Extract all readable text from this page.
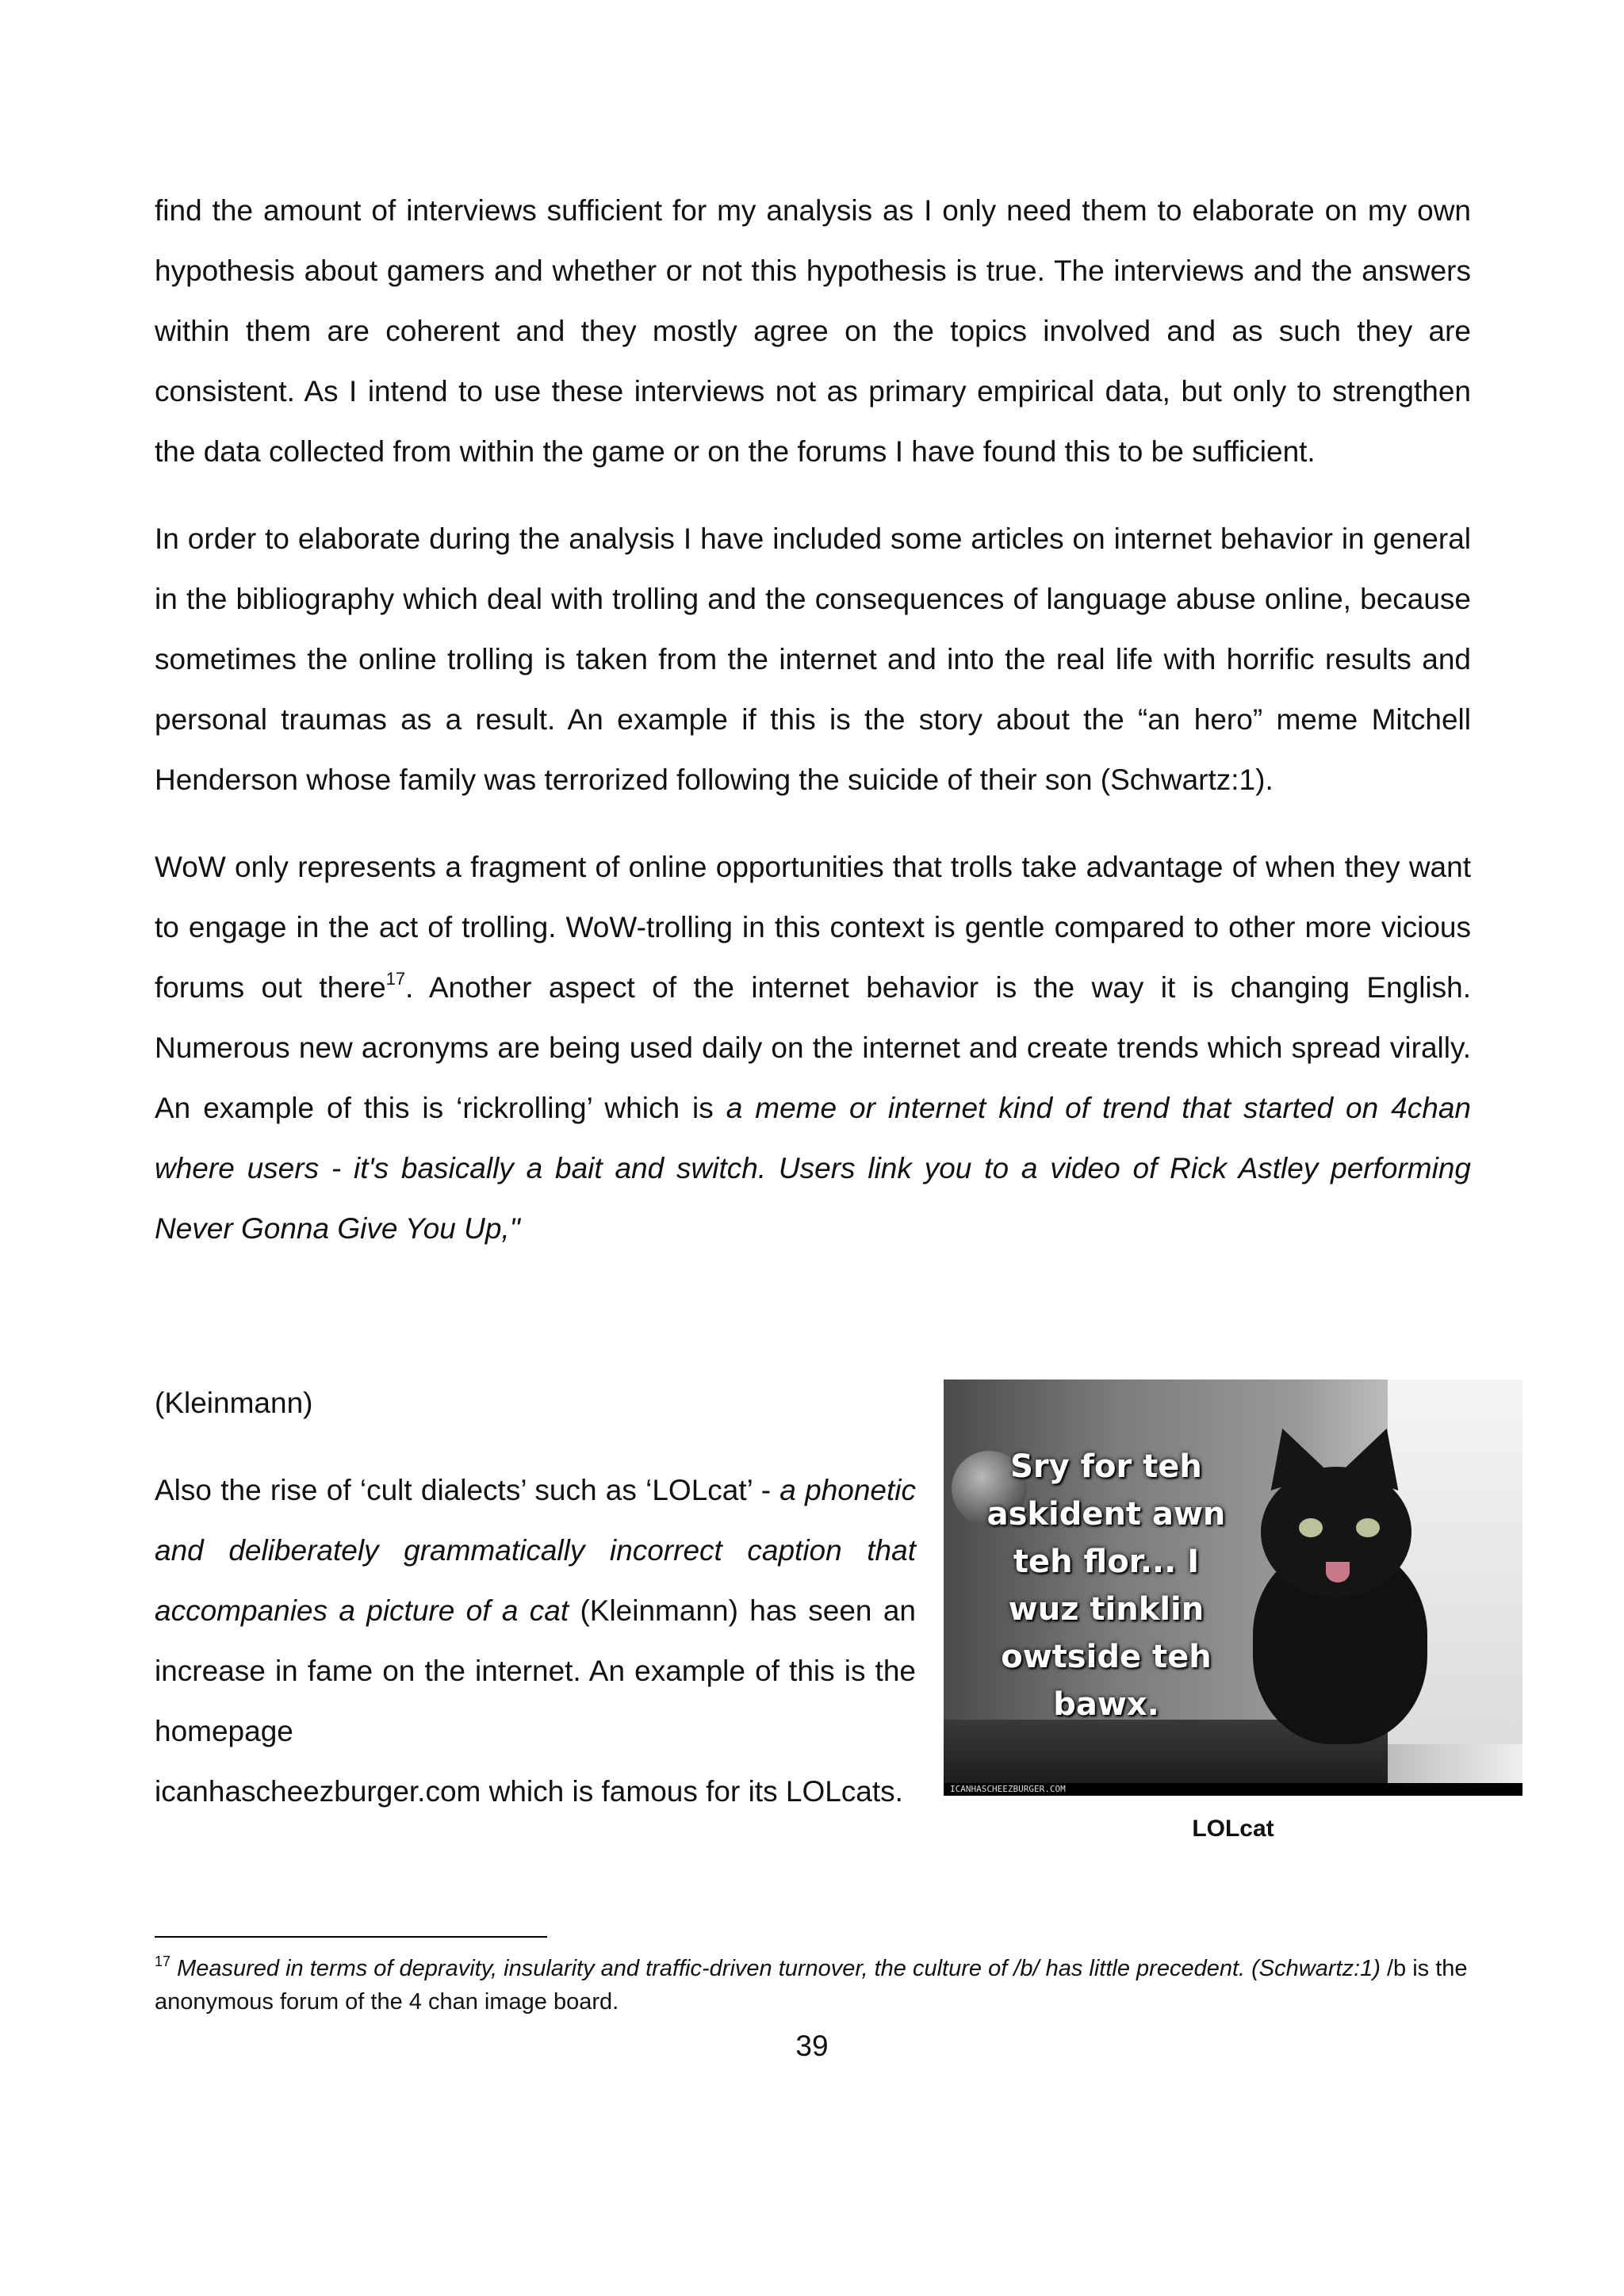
find the amount of interviews sufficient for my analysis as I only need them to elaborate on my own hypothesis about gamers and whether or not this hypothesis is true. The interviews and the answers within them are coherent and they mostly agree on the topics involved and as such they are consistent. As I intend to use these interviews not as primary empirical data, but only to strengthen the data collected from within the game or on the forums I have found this to be sufficient.

In order to elaborate during the analysis I have included some articles on internet behavior in general in the bibliography which deal with trolling and the consequences of language abuse online, because sometimes the online trolling is taken from the internet and into the real life with horrific results and personal traumas as a result. An example if this is the story about the “an hero” meme Mitchell Henderson whose family was terrorized following the suicide of their son (Schwartz:1).

WoW only represents a fragment of online opportunities that trolls take advantage of when they want to engage in the act of trolling. WoW-trolling in this context is gentle compared to other more vicious forums out there$^{17}$. Another aspect of the internet behavior is the way it is changing English. Numerous new acronyms are being used daily on the internet and create trends which spread virally. An example of this is ‘rickrolling’ which is a meme or internet kind of trend that started on 4chan where users - it's basically a bait and switch. Users link you to a video of Rick Astley performing Never Gonna Give You Up,"

(Kleinmann)

Also the rise of ‘cult dialects’ such as ‘LOLcat’ - a phonetic and deliberately grammatically incorrect caption that accompanies a picture of a cat (Kleinmann) has seen an increase in fame on the internet. An example of this is the homepage
icanhascheezburger.com which is famous for its LOLcats.

Sry for teh
askident awn
teh flor... I
wuz tinklin
owtside teh
bawx.
ICANHASCHEEZBURGER.COM
LOLcat

$^{17}$ Measured in terms of depravity, insularity and traffic-driven turnover, the culture of /b/ has little precedent. (Schwartz:1) /b is the anonymous forum of the 4 chan image board.

39
